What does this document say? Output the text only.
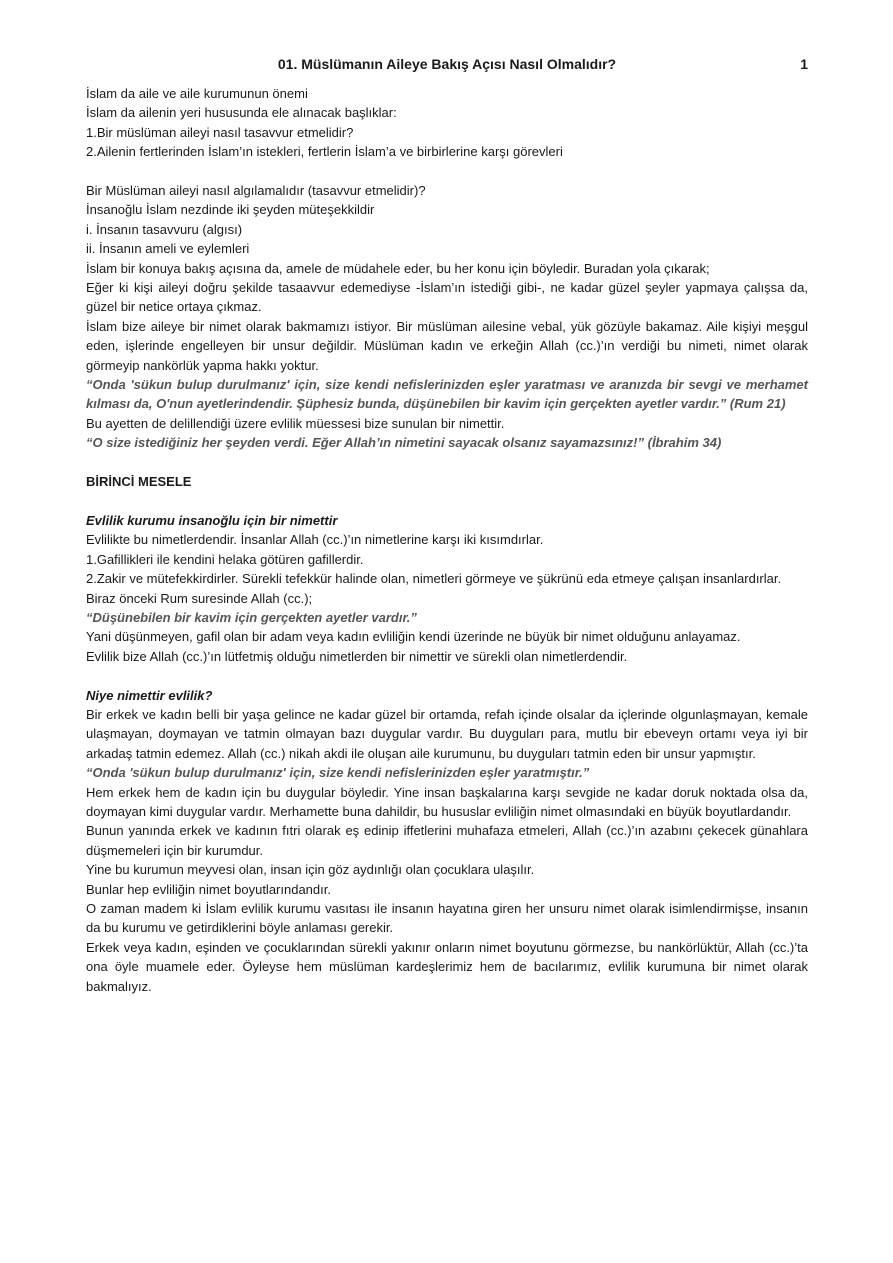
01. Müslümanın Aileye Bakış Açısı Nasıl Olmalıdır?	1

İslam da aile ve aile kurumunun önemi

İslam da ailenin yeri hususunda ele alınacak başlıklar:

1.Bir müslüman aileyi nasıl tasavvur etmelidir?

2.Ailenin fertlerinden İslam’ın istekleri, fertlerin İslam’a ve birbirlerine karşı görevleri

Bir Müslüman aileyi nasıl algılamalıdır (tasavvur etmelidir)?

İnsanoğlu İslam nezdinde iki şeyden müteşekkildir

i. İnsanın tasavvuru (algısı)

ii. İnsanın ameli ve eylemleri

İslam bir konuya bakış açısına da, amele de müdahele eder, bu her konu için böyledir. Buradan yola çıkarak;

Eğer ki kişi aileyi doğru şekilde tasaavvur edemediyse -İslam’ın istediği gibi-, ne kadar güzel şeyler yapmaya çalışsa da, güzel bir netice ortaya çıkmaz.

İslam bize aileye bir nimet olarak bakmamızı istiyor. Bir müslüman ailesine vebal, yük gözüyle bakamaz. Aile kişiyi meşgul eden, işlerinde engelleyen bir unsur değildir. Müslüman kadın ve erkeğin Allah (cc.)’ın verdiği bu nimeti, nimet olarak görmeyip nankörlük yapma hakkı yoktur.

“Onda 'sükun bulup durulmanız' için, size kendi nefislerinizden eşler yaratması ve aranızda bir sevgi ve merhamet kılması da, O'nun ayetlerindendir. Şüphesiz bunda, düşünebilen bir kavim için gerçekten ayetler vardır.” (Rum 21)

Bu ayetten de delillendiği üzere evlilik müessesi bize sunulan bir nimettir.

“O size istediğiniz her şeyden verdi. Eğer Allah’ın nimetini sayacak olsanız sayamazsınız!” (İbrahim 34)

BİRİNCİ MESELE

Evlilik kurumu insanoğlu için bir nimettir

Evlilikte bu nimetlerdendir. İnsanlar Allah (cc.)’ın nimetlerine karşı iki kısımdırlar.

1.Gafillikleri ile kendini helaka götüren gafillerdir.

2.Zakir ve mütefekkirdirler. Sürekli tefekkür halinde olan, nimetleri görmeye ve şükrünü eda etmeye çalışan insanlardırlar.

Biraz önceki Rum suresinde Allah (cc.);

“Düşünebilen bir kavim için gerçekten ayetler vardır.”

Yani düşünmeyen, gafil olan bir adam veya kadın evliliğin kendi üzerinde ne büyük bir nimet olduğunu anlayamaz.

Evlilik bize Allah (cc.)’ın lütfetmiş olduğu nimetlerden bir nimettir ve sürekli olan nimetlerdendir.

Niye nimettir evlilik?

Bir erkek ve kadın belli bir yaşa gelince ne kadar güzel bir ortamda, refah içinde olsalar da içlerinde olgunlaşmayan, kemale ulaşmayan, doymayan ve tatmin olmayan bazı duygular vardır. Bu duyguları para, mutlu bir ebeveyn ortamı veya iyi bir arkadaş tatmin edemez. Allah (cc.) nikah akdi ile oluşan aile kurumunu, bu duyguları tatmin eden bir unsur yapmıştır.

“Onda 'sükun bulup durulmanız' için, size kendi nefislerinizden eşler yaratmıştır.”

Hem erkek hem de kadın için bu duygular böyledir. Yine insan başkalarına karşı sevgide ne kadar doruk noktada olsa da, doymayan kimi duygular vardır. Merhamette buna dahildir, bu hususlar evliliğin nimet olmasındaki en büyük boyutlardandır.

Bunun yanında erkek ve kadının fıtri olarak eş edinip iffetlerini muhafaza etmeleri, Allah (cc.)’ın azabını çekecek günahlara düşmemeleri için bir kurumdur.

Yine bu kurumun meyvesi olan, insan için göz aydınlığı olan çocuklara ulaşılır.

Bunlar hep evliliğin nimet boyutlarındandır.

O zaman madem ki İslam evlilik kurumu vasıtası ile insanın hayatına giren her unsuru nimet olarak isimlendirmişse, insanın da bu kurumu ve getirdiklerini böyle anlaması gerekir.

Erkek veya kadın, eşinden ve çocuklarından sürekli yakınır onların nimet boyutunu görmezse, bu nankörlüktür, Allah (cc.)’ta ona öyle muamele eder. Öyleyse hem müslüman kardeşlerimiz hem de bacılarımız, evlilik kurumuna bir nimet olarak bakmalıyız.
